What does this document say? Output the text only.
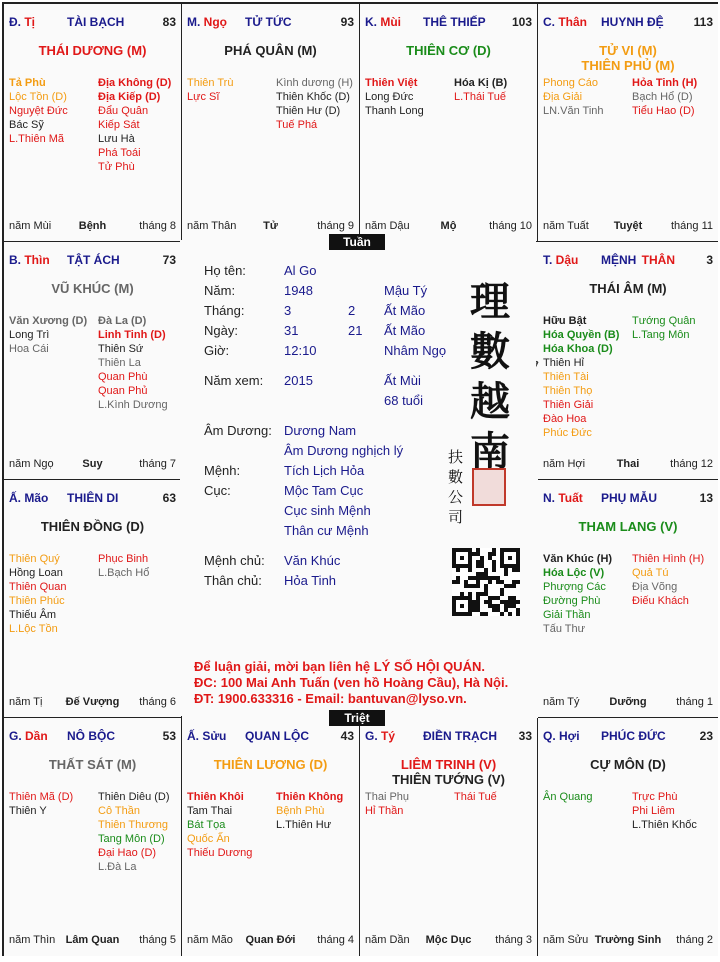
Đ. Tị	TÀI BẠCH	83
THÁI DƯƠNG (M)
Tả Phù
Lộc Tồn (D)
Nguyệt Đức
Bác Sỹ
L.Thiên Mã
Địa Không (D)
Địa Kiếp (D)
Đẩu Quân
Kiếp Sát
Lưu Hà
Phá Toái
Tử Phù
năm Mùi	Bệnh	tháng 8
M. Ngọ TỬ TỨC	93
PHÁ QUÂN (M)
Thiên Trù
Lực Sĩ
Kình dương (H)
Thiên Khốc (D)
Thiên Hư (D)
Tuế Phá
năm Thân	Tử	tháng 9
K. Mùi THÊ THIẾP 103
THIÊN CƠ (D)
Thiên Việt
Long Đức
Thanh Long
Hóa Kị (B)
L.Thái Tuế
năm Dậu	Mộ	tháng 10
C. Thân HUYNH ĐỆ 113
TỬ VI (M)
THIÊN PHỦ (M)
Phong Cáo
Địa Giải
LN.Văn Tinh
Hỏa Tinh (H)
Bạch Hổ (D)
Tiểu Hao (D)
năm Tuất	Tuyệt	tháng 11
B. Thìn TẬT ÁCH	73
VŨ KHÚC (M)
Văn Xương (D)
Long Trì
Hoa Cái
Đà La (D)
Linh Tinh (D)
Thiên Sứ
Thiên La
Quan Phù
Quan Phủ
L.Kình Dương
năm Ngọ	Suy	tháng 7
T. Dậu MỆNH THÂN	3
THÁI ÂM (M)
Hữu Bật
Hóa Quyền (B)
Hóa Khoa (D)
Thiên Hỉ
Thiên Tài
Thiên Thọ
Thiên Giải
Đào Hoa
Phúc Đức
Tướng Quân
L.Tang Môn
năm Hợi	Thai	tháng 12
Ấ. Mão THIÊN DI	63
THIÊN ĐỒNG (D)
Thiên Quý
Hồng Loan
Thiên Quan
Thiên Phúc
Thiếu Âm
L.Lộc Tồn
Phục Binh
L.Bạch Hổ
năm Tị	Đế Vượng	tháng 6
N. Tuất PHỤ MẪU	13
THAM LANG (V)
Văn Khúc (H)
Hóa Lộc (V)
Phượng Các
Đường Phù
Giải Thần
Tấu Thư
Thiên Hình (H)
Quả Tú
Địa Võng
Điếu Khách
năm Tý	Dưỡng	tháng 1
G. Dần NÔ BỘC	53
THẤT SÁT (M)
Thiên Mã (D)
Thiên Y
Thiên Diêu (D)
Cô Thần
Thiên Thương
Tang Môn (D)
Đại Hao (D)
L.Đà La
năm Thìn Lâm Quan	tháng 5
Ấ. Sửu QUAN LỘC	43
THIÊN LƯƠNG (D)
Thiên Khôi
Tam Thai
Bát Tọa
Quốc Ấn
Thiếu Dương
Thiên Không
Bệnh Phù
L.Thiên Hư
năm Mão	Quan Đới	tháng 4
G. Tý ĐIỀN TRẠCH 33
LIÊM TRINH (V)
THIÊN TƯỚNG (V)
Thai Phụ
Hỉ Thần
Thái Tuế
năm Dần	Mộc Dục	tháng 3
Q. Hợi PHÚC ĐỨC	23
CỰ MÔN (D)
Ân Quang	Trực Phù
Phi Liêm
L.Thiên Khốc
năm Sửu Trường Sinh	tháng 2
Họ tên:	Al Go
Năm:	1948	Mậu Tý
Tháng:	3	2 Ất Mão
Ngày:	31	21 Ất Mão
Giờ:	12:10	Nhâm Ngọ
Năm xem: 2015	Ất Mùi
68 tuổi
Âm Dương: Dương Nam
Âm Dương nghịch lý
Mệnh:	Tích Lịch Hỏa
Cục:	Mộc Tam Cục
Cục sinh Mệnh
Thân cư Mệnh
Mệnh chủ: Văn Khúc
Thân chủ: Hỏa Tinh
理
數
越
南
扶
數
公
司
Để luận giải, mời bạn liên hệ LÝ SỐ HỘI QUÁN.
ĐC: 100 Mai Anh Tuấn (ven hồ Hoàng Cầu), Hà Nội.
ĐT: 1900.633316 - Email: bantuvan@lyso.vn.
Tuần
Triệt
